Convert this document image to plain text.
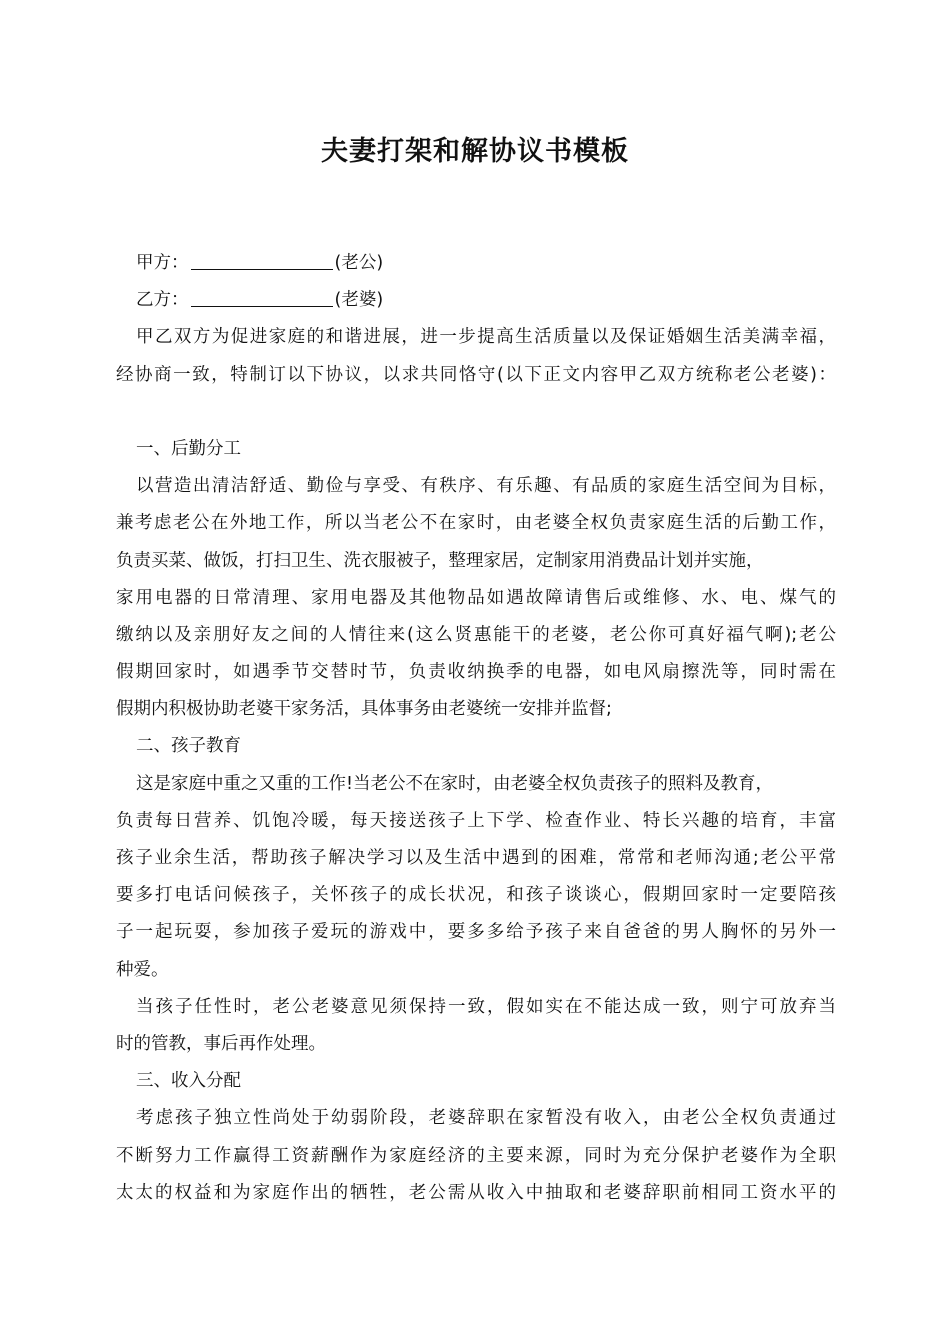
夫妻打架和解协议书模板
甲方：	(老公)
乙方：	(老婆)
甲乙双方为促进家庭的和谐进展，进一步提高生活质量以及保证婚姻生活美满幸福，
经协商一致，特制订以下协议，以求共同恪守(以下正文内容甲乙双方统称老公老婆)：
一、后勤分工
以营造出清洁舒适、勤俭与享受、有秩序、有乐趣、有品质的家庭生活空间为目标，
兼考虑老公在外地工作，所以当老公不在家时，由老婆全权负责家庭生活的后勤工作，
负责买菜、做饭，打扫卫生、洗衣服被子，整理家居，定制家用消费品计划并实施，
家用电器的日常清理、家用电器及其他物品如遇故障请售后或维修、水、电、煤气的
缴纳以及亲朋好友之间的人情往来(这么贤惠能干的老婆，老公你可真好福气啊);老公
假期回家时，如遇季节交替时节，负责收纳换季的电器，如电风扇擦洗等，同时需在
假期内积极协助老婆干家务活，具体事务由老婆统一安排并监督;
二、孩子教育
这是家庭中重之又重的工作!当老公不在家时，由老婆全权负责孩子的照料及教育，
负责每日营养、饥饱冷暖，每天接送孩子上下学、检查作业、特长兴趣的培育，丰富
孩子业余生活，帮助孩子解决学习以及生活中遇到的困难，常常和老师沟通;老公平常
要多打电话问候孩子，关怀孩子的成长状况，和孩子谈谈心，假期回家时一定要陪孩
子一起玩耍，参加孩子爱玩的游戏中，要多多给予孩子来自爸爸的男人胸怀的另外一
种爱。
当孩子任性时，老公老婆意见须保持一致，假如实在不能达成一致，则宁可放弃当
时的管教，事后再作处理。
三、收入分配
考虑孩子独立性尚处于幼弱阶段，老婆辞职在家暂没有收入，由老公全权负责通过
不断努力工作赢得工资薪酬作为家庭经济的主要来源，同时为充分保护老婆作为全职
太太的权益和为家庭作出的牺牲，老公需从收入中抽取和老婆辞职前相同工资水平的
